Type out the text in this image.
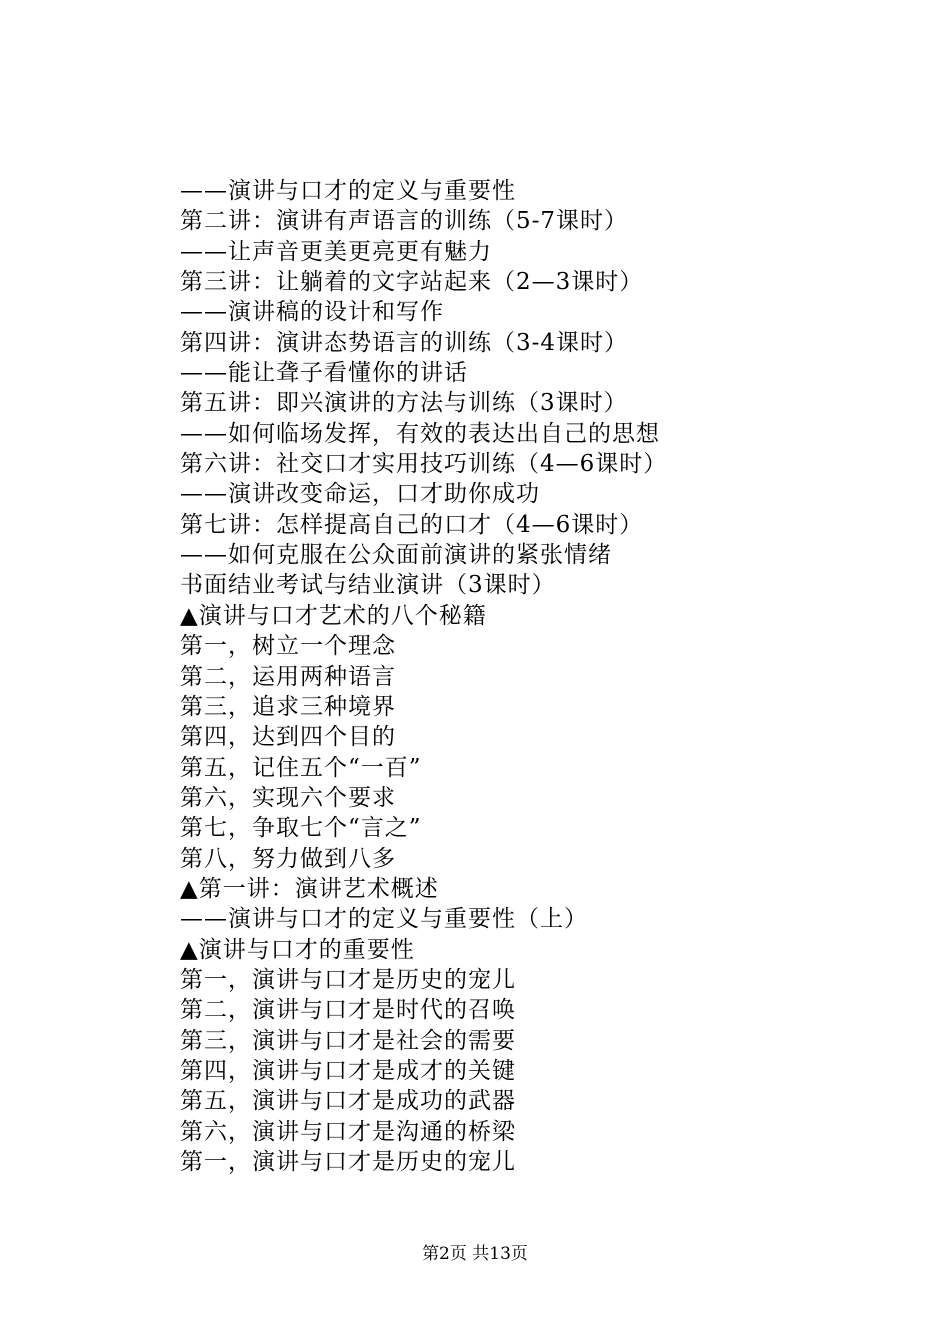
——演讲与口才的定义与重要性
第二讲：演讲有声语言的训练（5-7课时）
——让声音更美更亮更有魅力
第三讲：让躺着的文字站起来（2—3课时）
——演讲稿的设计和写作
第四讲：演讲态势语言的训练（3-4课时）
——能让聋子看懂你的讲话
第五讲：即兴演讲的方法与训练（3课时）
——如何临场发挥，有效的表达出自己的思想
第六讲：社交口才实用技巧训练（4—6课时）
——演讲改变命运，口才助你成功
第七讲：怎样提高自己的口才（4—6课时）
——如何克服在公众面前演讲的紧张情绪
书面结业考试与结业演讲（3课时）
▲演讲与口才艺术的八个秘籍
第一，树立一个理念
第二，运用两种语言
第三，追求三种境界
第四，达到四个目的
第五，记住五个“一百”
第六，实现六个要求
第七，争取七个“言之”
第八，努力做到八多
▲第一讲：演讲艺术概述
——演讲与口才的定义与重要性（上）
▲演讲与口才的重要性
第一，演讲与口才是历史的宠儿
第二，演讲与口才是时代的召唤
第三，演讲与口才是社会的需要
第四，演讲与口才是成才的关键
第五，演讲与口才是成功的武器
第六，演讲与口才是沟通的桥梁
第一，演讲与口才是历史的宠儿
第2页 共13页
